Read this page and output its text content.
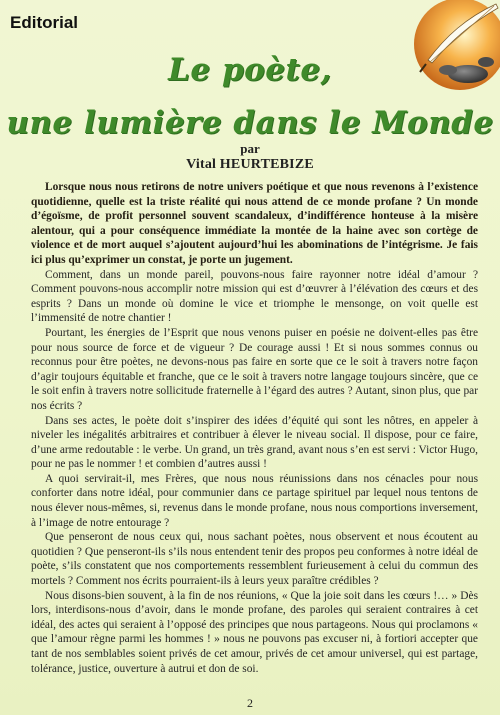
Editorial
Le poète,
une lumière dans le Monde
par
Vital HEURTEBIZE

Lorsque nous nous retirons de notre univers poétique et que nous revenons à l’existence quotidienne, quelle est la triste réalité qui nous attend de ce monde profane ? Un monde d’égoïsme, de profit personnel souvent scandaleux, d’indifférence honteuse à la misère alentour, qui a pour conséquence immédiate la montée de la haine avec son cortège de violence et de mort auquel s’ajoutent aujourd’hui les abominations de l’intégrisme. Je fais ici plus qu’exprimer un constat, je porte un jugement.

Comment, dans un monde pareil, pouvons-nous faire rayonner notre idéal d’amour ? Comment pouvons-nous accomplir notre mission qui est d’œuvrer à l’élévation des cœurs et des esprits ? Dans un monde où domine le vice et triomphe le mensonge, on voit quelle est l’immensité de notre chantier !

Pourtant, les énergies de l’Esprit que nous venons puiser en poésie ne doivent-elles pas être pour nous source de force et de vigueur ? De courage aussi ! Et si nous sommes connus ou reconnus pour être poètes, ne devons-nous pas faire en sorte que ce le soit à travers notre façon d’agir toujours équitable et franche, que ce le soit à travers notre langage toujours sincère, que ce le soit enfin à travers notre sollicitude fraternelle à l’égard des autres ? Autant, sinon plus, que par nos écrits ?

Dans ses actes, le poète doit s’inspirer des idées d’équité qui sont les nôtres, en appeler à niveler les inégalités arbitraires et contribuer à élever le niveau social. Il dispose, pour ce faire, d’une arme redoutable : le verbe. Un grand, un très grand, avant nous s’en est servi : Victor Hugo, pour ne pas le nommer ! et combien d’autres aussi !

A quoi servirait-il, mes Frères, que nous nous réunissions dans nos cénacles pour nous conforter dans notre idéal, pour communier dans ce partage spirituel par lequel nous tentons de nous élever nous-mêmes, si, revenus dans le monde profane, nous nous comportions inversement, à l’image de notre entourage ?

Que penseront de nous ceux qui, nous sachant poètes, nous observent et nous écoutent au quotidien ? Que penseront-ils s’ils nous entendent tenir des propos peu conformes à notre idéal de poète, s’ils constatent que nos comportements ressemblent furieusement à celui du commun des mortels ? Comment nos écrits pourraient-ils à leurs yeux paraître crédibles ?

Nous disons-bien souvent, à la fin de nos réunions, « Que la joie soit dans les cœurs !… » Dès lors, interdisons-nous d’avoir, dans le monde profane, des paroles qui seraient contraires à cet idéal, des actes qui seraient à l’opposé des principes que nous partageons. Nous qui proclamons « que l’amour règne parmi les hommes ! » nous ne pouvons pas excuser ni, à fortiori accepter que tant de nos semblables soient privés de cet amour, privés de cet amour universel, qui est partage, tolérance, justice, ouverture à autrui et don de soi.

2
